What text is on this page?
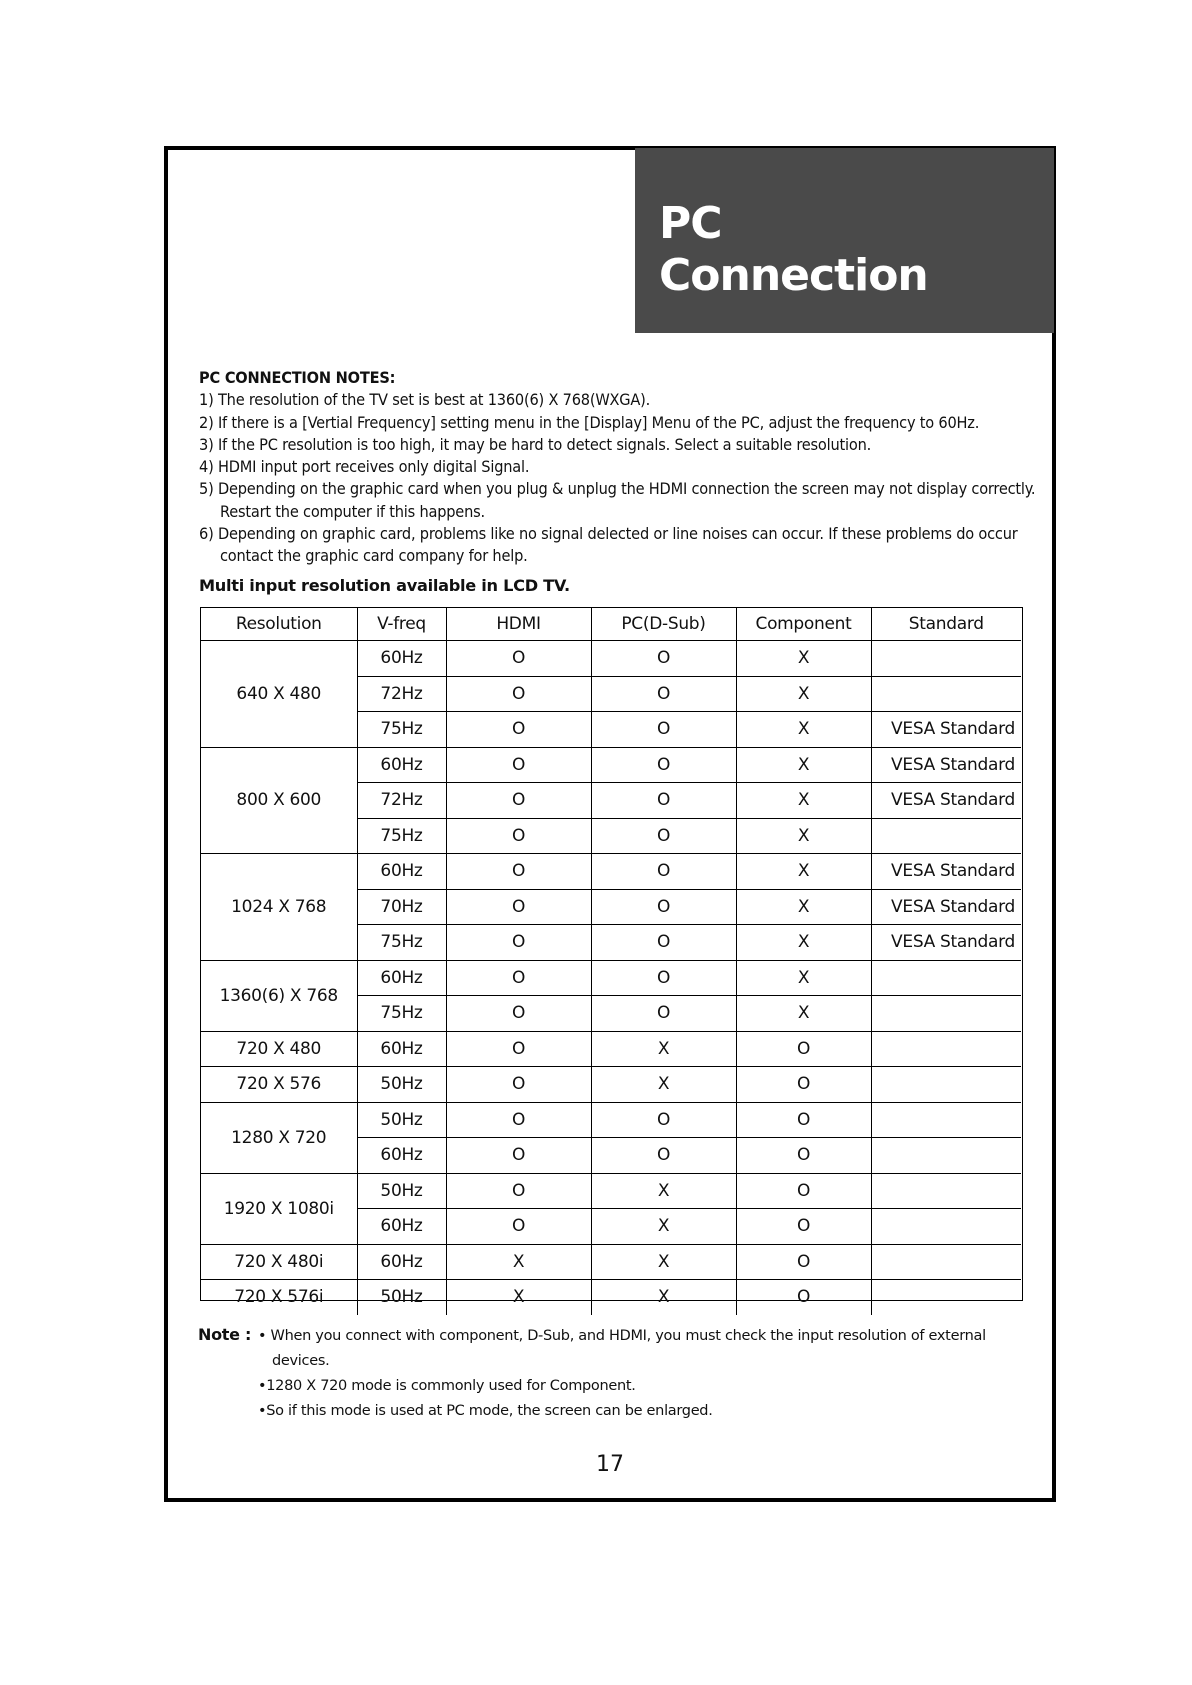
PC
Connection
PC CONNECTION NOTES:
1) The resolution of the TV set is best at 1360(6) X 768(WXGA).
2) If there is a [Vertial Frequency] setting menu in the [Display] Menu of the PC, adjust the frequency to 60Hz.
3) If the PC resolution is too high, it may be hard to detect signals. Select a suitable resolution.
4) HDMI input port receives only digital Signal.
5) Depending on the graphic card when you plug & unplug the HDMI connection the screen may not display correctly. Restart the computer if this happens.
6) Depending on graphic card, problems like no signal delected or line noises can occur. If these problems do occur contact the graphic card company for help.
Multi input resolution available in LCD TV.
Resolution	V-freq	HDMI	PC(D-Sub)	Component	Standard
640 X 480	60Hz	O	O	X	
	72Hz	O	O	X	
	75Hz	O	O	X	VESA Standard
800 X 600	60Hz	O	O	X	VESA Standard
	72Hz	O	O	X	VESA Standard
	75Hz	O	O	X	
1024 X 768	60Hz	O	O	X	VESA Standard
	70Hz	O	O	X	VESA Standard
	75Hz	O	O	X	VESA Standard
1360(6) X 768	60Hz	O	O	X	
	75Hz	O	O	X	
720 X 480	60Hz	O	X	O	
720 X 576	50Hz	O	X	O	
1280 X 720	50Hz	O	O	O	
	60Hz	O	O	O	
1920 X 1080i	50Hz	O	X	O	
	60Hz	O	X	O	
720 X 480i	60Hz	X	X	O	
720 X 576i	50Hz	X	X	O	
Note : • When you connect with component, D-Sub, and HDMI, you must check the input resolution of external
devices.
•1280 X 720 mode is commonly used for Component.
•So if this mode is used at PC mode, the screen can be enlarged.
17
